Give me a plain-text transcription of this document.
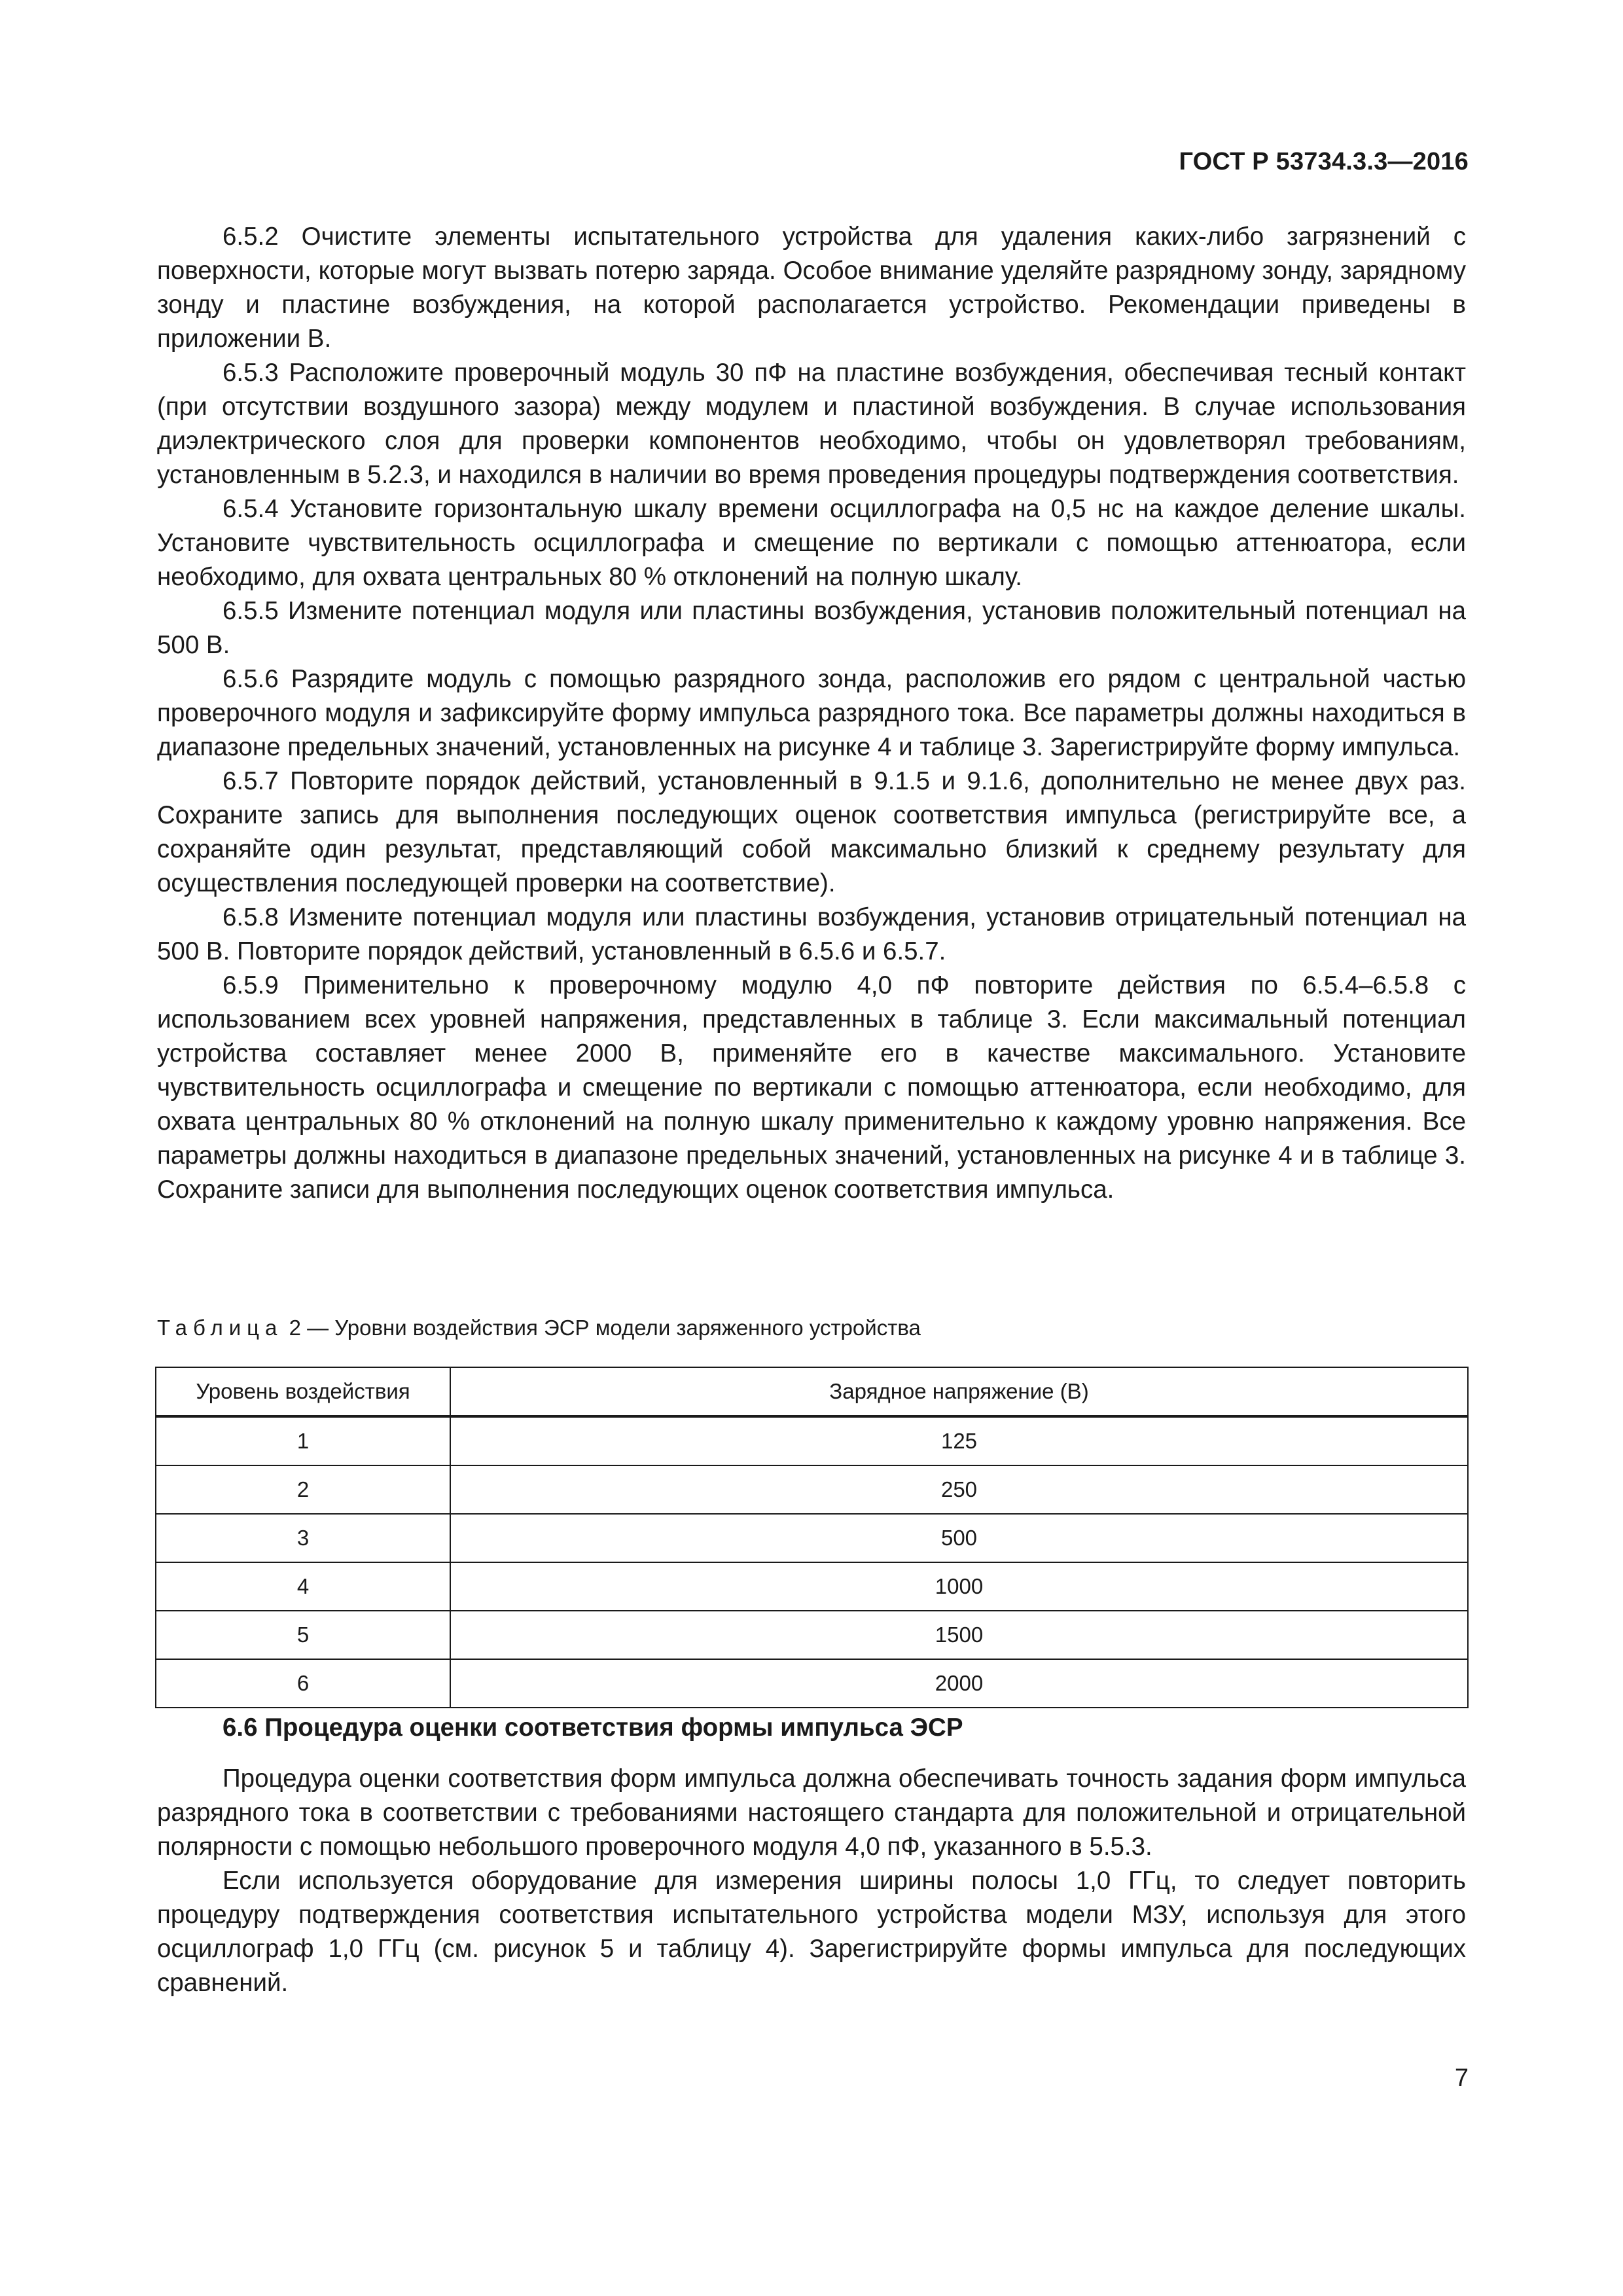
ГОСТ Р 53734.3.3—2016

6.5.2 Очистите элементы испытательного устройства для удаления каких-либо загрязнений с поверхности, которые могут вызвать потерю заряда. Особое внимание уделяйте разрядному зонду, зарядному зонду и пластине возбуждения, на которой располагается устройство. Рекомендации приведены в приложении В.

6.5.3 Расположите проверочный модуль 30 пФ на пластине возбуждения, обеспечивая тесный контакт (при отсутствии воздушного зазора) между модулем и пластиной возбуждения. В случае использования диэлектрического слоя для проверки компонентов необходимо, чтобы он удовлетворял требованиям, установленным в 5.2.3, и находился в наличии во время проведения процедуры подтверждения соответствия.

6.5.4 Установите горизонтальную шкалу времени осциллографа на 0,5 нс на каждое деление шкалы. Установите чувствительность осциллографа и смещение по вертикали с помощью аттенюатора, если необходимо, для охвата центральных 80 % отклонений на полную шкалу.

6.5.5 Измените потенциал модуля или пластины возбуждения, установив положительный потенциал на 500 В.

6.5.6 Разрядите модуль с помощью разрядного зонда, расположив его рядом с центральной частью проверочного модуля и зафиксируйте форму импульса разрядного тока. Все параметры должны находиться в диапазоне предельных значений, установленных на рисунке 4 и таблице 3. Зарегистрируйте форму импульса.

6.5.7 Повторите порядок действий, установленный в 9.1.5 и 9.1.6, дополнительно не менее двух раз. Сохраните запись для выполнения последующих оценок соответствия импульса (регистрируйте все, а сохраняйте один результат, представляющий собой максимально близкий к среднему результату для осуществления последующей проверки на соответствие).

6.5.8 Измените потенциал модуля или пластины возбуждения, установив отрицательный потенциал на 500 В. Повторите порядок действий, установленный в 6.5.6 и 6.5.7.

6.5.9 Применительно к проверочному модулю 4,0 пФ повторите действия по 6.5.4–6.5.8 с использованием всех уровней напряжения, представленных в таблице 3. Если максимальный потенциал устройства составляет менее 2000 В, применяйте его в качестве максимального. Установите чувствительность осциллографа и смещение по вертикали с помощью аттенюатора, если необходимо, для охвата центральных 80 % отклонений на полную шкалу применительно к каждому уровню напряжения. Все параметры должны находиться в диапазоне предельных значений, установленных на рисунке 4 и в таблице 3. Сохраните записи для выполнения последующих оценок соответствия импульса.

Таблица 2 — Уровни воздействия ЭСР модели заряженного устройства
Уровень воздействия	Зарядное напряжение (В)
1	125
2	250
3	500
4	1000
5	1500
6	2000
6.6 Процедура оценки соответствия формы импульса ЭСР

Процедура оценки соответствия форм импульса должна обеспечивать точность задания форм импульса разрядного тока в соответствии с требованиями настоящего стандарта для положительной и отрицательной полярности с помощью небольшого проверочного модуля 4,0 пФ, указанного в 5.5.3.

Если используется оборудование для измерения ширины полосы 1,0 ГГц, то следует повторить процедуру подтверждения соответствия испытательного устройства модели МЗУ, используя для этого осциллограф 1,0 ГГц (см. рисунок 5 и таблицу 4). Зарегистрируйте формы импульса для последующих сравнений.

7
